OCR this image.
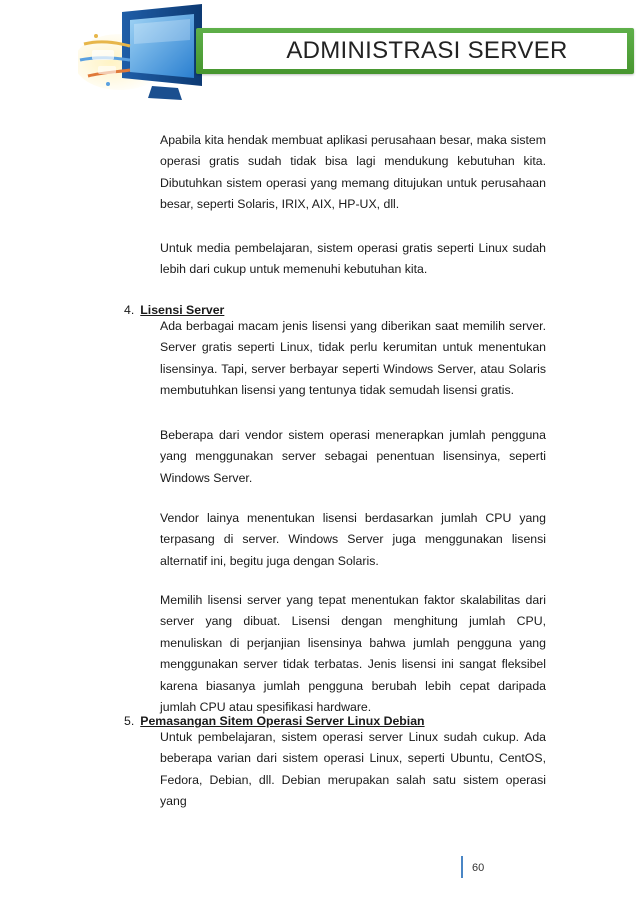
ADMINISTRASI SERVER

Apabila kita hendak membuat aplikasi perusahaan besar, maka sistem operasi gratis sudah tidak bisa lagi mendukung kebutuhan kita. Dibutuhkan sistem operasi yang memang ditujukan untuk perusahaan besar, seperti Solaris, IRIX, AIX, HP-UX, dll.

Untuk media pembelajaran, sistem operasi gratis seperti Linux sudah lebih dari cukup untuk memenuhi kebutuhan kita.

4. Lisensi Server

Ada berbagai macam jenis lisensi yang diberikan saat memilih server. Server gratis seperti Linux, tidak perlu kerumitan untuk menentukan lisensinya. Tapi, server berbayar seperti Windows Server, atau Solaris membutuhkan lisensi yang tentunya tidak semudah lisensi gratis.

Beberapa dari vendor sistem operasi menerapkan jumlah pengguna yang menggunakan server sebagai penentuan lisensinya, seperti Windows Server.

Vendor lainya menentukan lisensi berdasarkan jumlah CPU yang terpasang di server. Windows Server juga menggunakan lisensi alternatif ini, begitu juga dengan Solaris.

Memilih lisensi server yang tepat menentukan faktor skalabilitas dari server yang dibuat. Lisensi dengan menghitung jumlah CPU, menuliskan di perjanjian lisensinya bahwa jumlah pengguna yang menggunakan server tidak terbatas. Jenis lisensi ini sangat fleksibel karena biasanya jumlah pengguna berubah lebih cepat daripada jumlah CPU atau spesifikasi hardware.

5. Pemasangan Sitem Operasi Server Linux Debian

Untuk pembelajaran, sistem operasi server Linux sudah cukup. Ada beberapa varian dari sistem operasi Linux, seperti Ubuntu, CentOS, Fedora, Debian, dll. Debian merupakan salah satu sistem operasi yang

60
